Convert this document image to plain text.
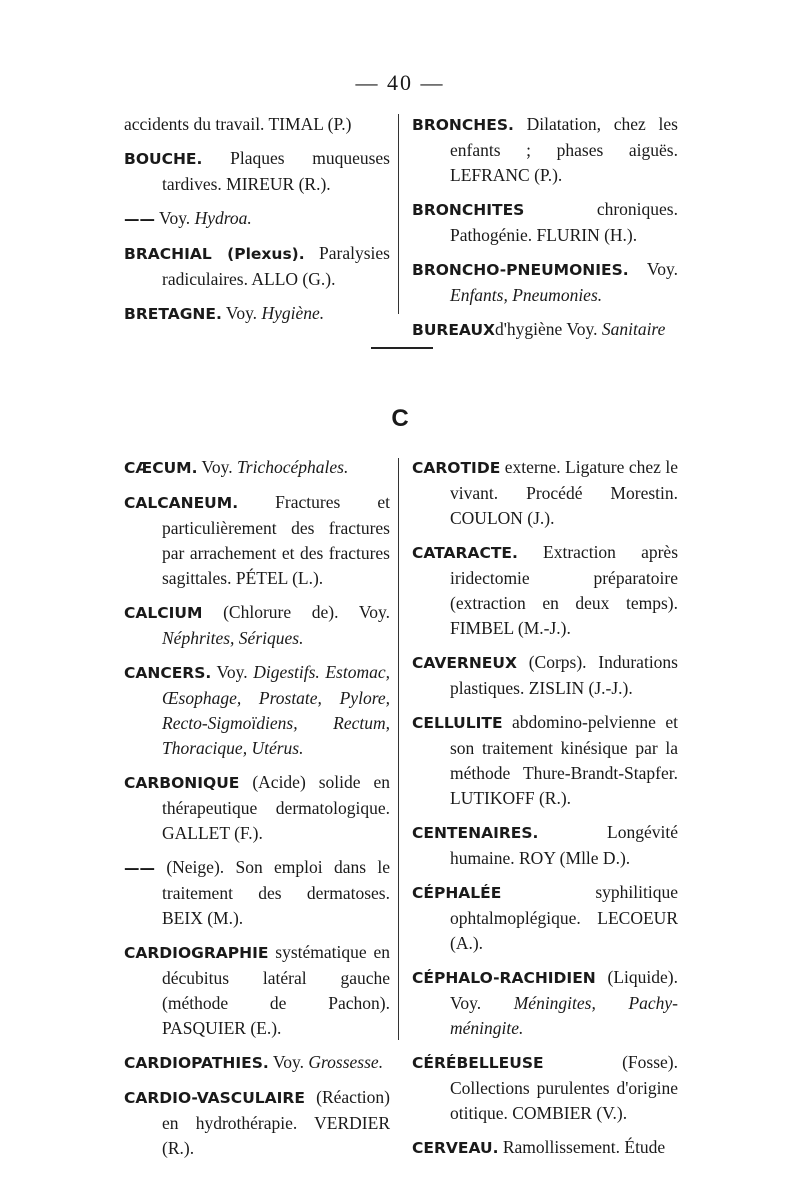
— 40 —

accidents du travail. TIMAL (P.)

BOUCHE. Plaques muqueuses tardives. MIREUR (R.).

—— Voy. Hydroa.

BRACHIAL (Plexus). Paralysies radiculaires. ALLO (G.).

BRETAGNE. Voy. Hygiène.

BRONCHES. Dilatation, chez les enfants ; phases aiguës. LEFRANC (P.).

BRONCHITES chroniques. Pathogénie. FLURIN (H.).

BRONCHO-PNEUMONIES. Voy. Enfants, Pneumonies.

BUREAUXd'hygiène Voy. Sanitaire

C

CÆCUM. Voy. Trichocéphales.

CALCANEUM. Fractures et particulièrement des fractures par arrachement et des fractures sagittales. PÉTEL (L.).

CALCIUM (Chlorure de). Voy. Néphrites, Sériques.

CANCERS. Voy. Digestifs. Estomac, Œsophage, Prostate, Pylore, Recto-Sigmoïdiens, Rectum, Thoracique, Utérus.

CARBONIQUE (Acide) solide en thérapeutique dermatologique. GALLET (F.).

—— (Neige). Son emploi dans le traitement des dermatoses. BEIX (M.).

CARDIOGRAPHIE systématique en décubitus latéral gauche (méthode de Pachon). PASQUIER (E.).

CARDIOPATHIES. Voy. Grossesse.

CARDIO-VASCULAIRE (Réaction) en hydrothérapie. VERDIER (R.).

CAROTIDE externe. Ligature chez le vivant. Procédé Morestin. COULON (J.).

CATARACTE. Extraction après iridectomie préparatoire (extraction en deux temps). FIMBEL (M.-J.).

CAVERNEUX (Corps). Indurations plastiques. ZISLIN (J.-J.).

CELLULITE abdomino-pelvienne et son traitement kinésique par la méthode Thure-Brandt-Stapfer. LUTIKOFF (R.).

CENTENAIRES. Longévité humaine. ROY (Mlle D.).

CÉPHALÉE syphilitique ophtalmoplégique. LECOEUR (A.).

CÉPHALO-RACHIDIEN (Liquide). Voy. Méningites, Pachy-méningite.

CÉRÉBELLEUSE (Fosse). Collections purulentes d'origine otitique. COMBIER (V.).

CERVEAU. Ramollissement. Étude
